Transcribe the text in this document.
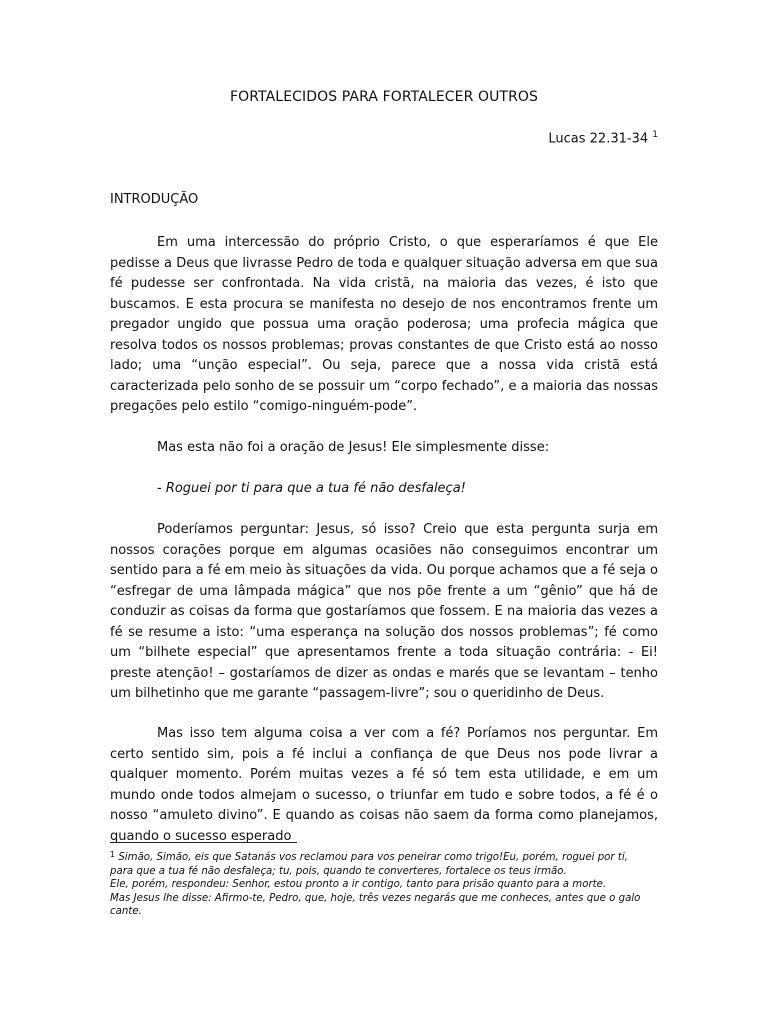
FORTALECIDOS PARA FORTALECER OUTROS
Lucas 22.31-34 $^1$
INTRODUÇÃO

Em uma intercessão do próprio Cristo, o que esperaríamos é que Ele pedisse a Deus que livrasse Pedro de toda e qualquer situação adversa em que sua fé pudesse ser confrontada. Na vida cristã, na maioria das vezes, é isto que buscamos. E esta procura se manifesta no desejo de nos encontramos frente um pregador ungido que possua uma oração poderosa; uma profecia mágica que resolva todos os nossos problemas; provas constantes de que Cristo está ao nosso lado; uma “unção especial”. Ou seja, parece que a nossa vida cristã está caracterizada pelo sonho de se possuir um “corpo fechado”, e a maioria das nossas pregações pelo estilo “comigo-ninguém-pode”.

Mas esta não foi a oração de Jesus! Ele simplesmente disse:

- Roguei por ti para que a tua fé não desfaleça!

Poderíamos perguntar: Jesus, só isso? Creio que esta pergunta surja em nossos corações porque em algumas ocasiões não conseguimos encontrar um sentido para a fé em meio às situações da vida. Ou porque achamos que a fé seja o “esfregar de uma lâmpada mágica” que nos põe frente a um “gênio” que há de conduzir as coisas da forma que gostaríamos que fossem. E na maioria das vezes a fé se resume a isto: “uma esperança na solução dos nossos problemas”; fé como um “bilhete especial” que apresentamos frente a toda situação contrária: - Ei! preste atenção! – gostaríamos de dizer as ondas e marés que se levantam – tenho um bilhetinho que me garante “passagem-livre”; sou o queridinho de Deus.

Mas isso tem alguma coisa a ver com a fé? Poríamos nos perguntar. Em certo sentido sim, pois a fé inclui a confiança de que Deus nos pode livrar a qualquer momento. Porém muitas vezes a fé só tem esta utilidade, e em um mundo onde todos almejam o sucesso, o triunfar em tudo e sobre todos, a fé é o nosso “amuleto divino”. E quando as coisas não saem da forma como planejamos, quando o sucesso esperado

$^1$ Simão, Simão, eis que Satanás vos reclamou para vos peneirar como trigo!Eu, porém, roguei por ti,
para que a tua fé não desfaleça; tu, pois, quando te converteres, fortalece os teus irmão.
Ele, porém, respondeu: Senhor, estou pronto a ir contigo, tanto para prisão quanto para a morte.
Mas Jesus lhe disse: Afirmo-te, Pedro, que, hoje, três vezes negarás que me conheces, antes que o galo cante.
